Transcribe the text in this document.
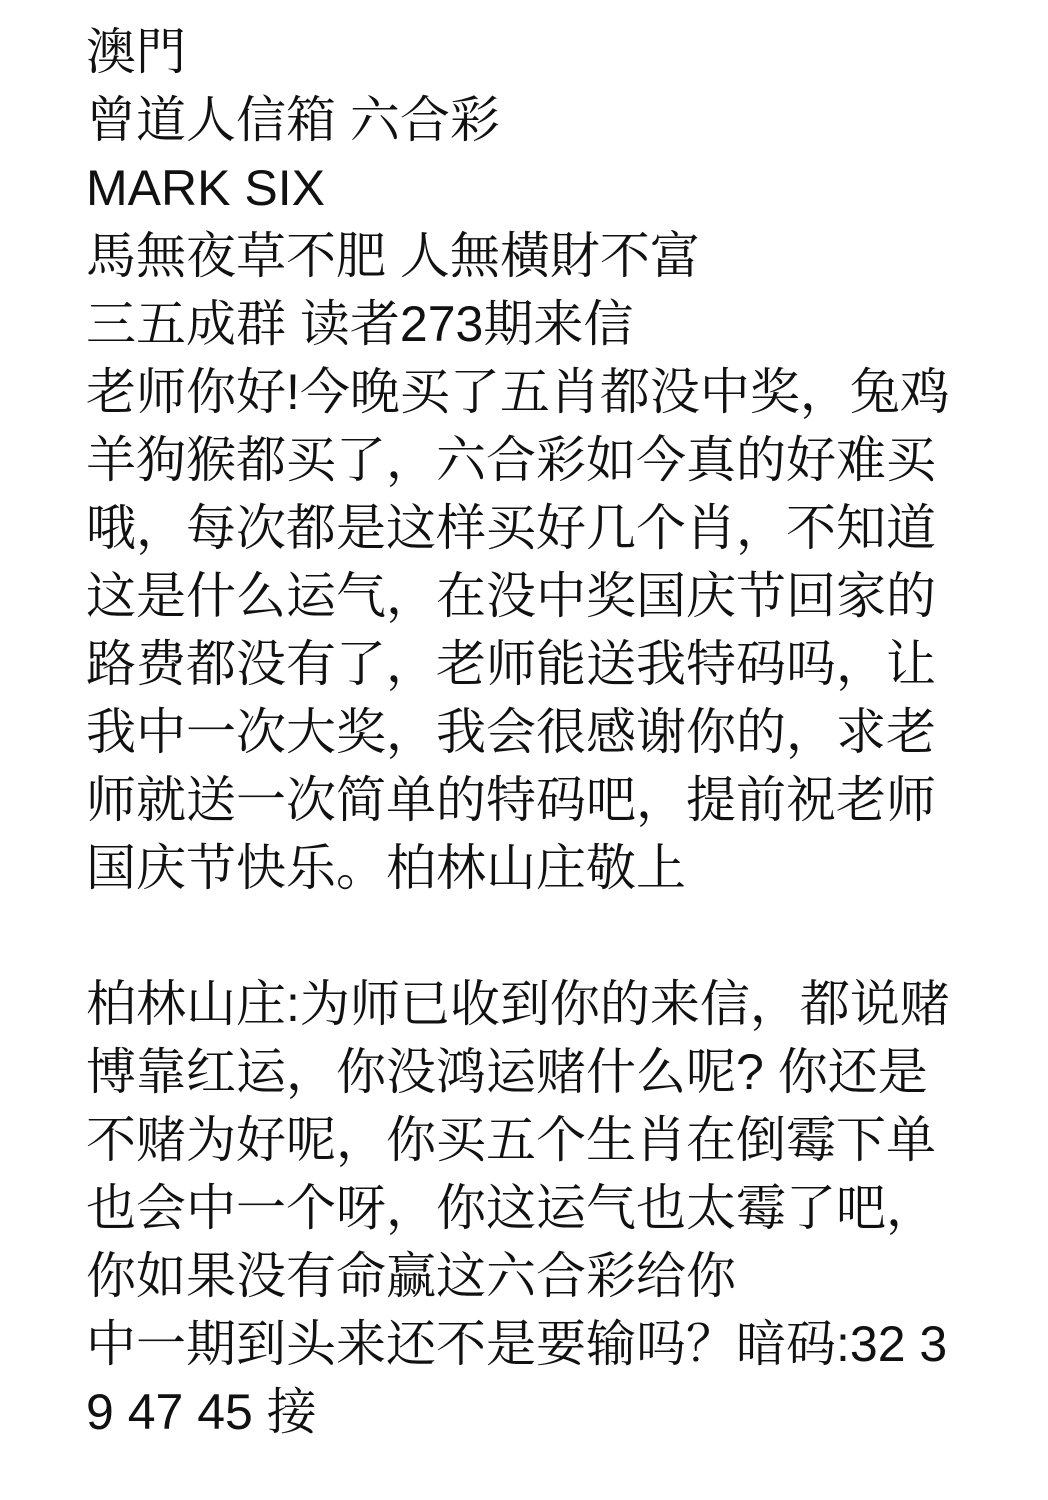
澳門
曾道人信箱 六合彩
MARK SIX
馬無夜草不肥 人無橫財不富
三五成群 读者273期来信
老师你好!今晚买了五肖都没中奖，兔鸡
羊狗猴都买了，六合彩如今真的好难买
哦，每次都是这样买好几个肖，不知道
这是什么运气，在没中奖国庆节回家的
路费都没有了，老师能送我特码吗，让
我中一次大奖，我会很感谢你的，求老
师就送一次简单的特码吧，提前祝老师
国庆节快乐。柏林山庄敬上
柏林山庄:为师已收到你的来信，都说赌
博靠红运，你没鸿运赌什么呢? 你还是
不赌为好呢，你买五个生肖在倒霉下单
也会中一个呀，你这运气也太霉了吧，
你如果没有命赢这六合彩给你
中一期到头来还不是要输吗？暗码:32 3
9 47 45 接
